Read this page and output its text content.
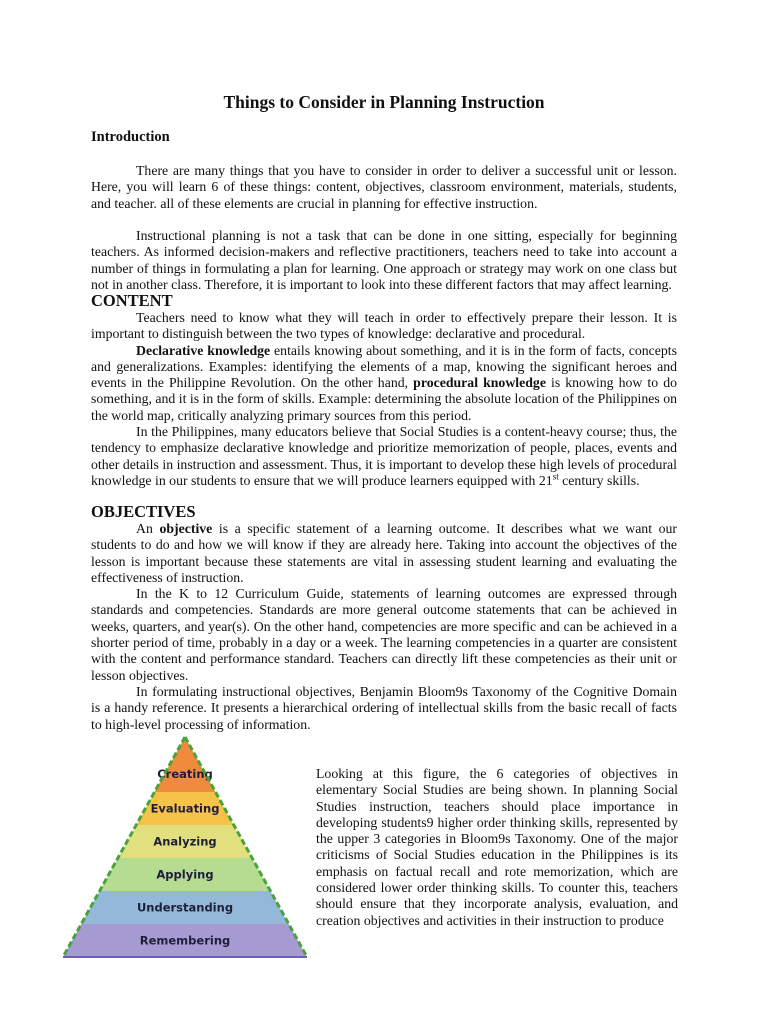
Things to Consider in Planning Instruction
Introduction

There are many things that you have to consider in order to deliver a successful unit or lesson. Here, you will learn 6 of these things: content, objectives, classroom environment, materials, students, and teacher. all of these elements are crucial in planning for effective instruction.

Instructional planning is not a task that can be done in one sitting, especially for beginning teachers. As informed decision-makers and reflective practitioners, teachers need to take into account a number of things in formulating a plan for learning. One approach or strategy may work on one class but not in another class. Therefore, it is important to look into these different factors that may affect learning.

CONTENT

Teachers need to know what they will teach in order to effectively prepare their lesson. It is important to distinguish between the two types of knowledge: declarative and procedural.

Declarative knowledge entails knowing about something, and it is in the form of facts, concepts and generalizations. Examples: identifying the elements of a map, knowing the significant heroes and events in the Philippine Revolution. On the other hand, procedural knowledge is knowing how to do something, and it is in the form of skills. Example: determining the absolute location of the Philippines on the world map, critically analyzing primary sources from this period.

In the Philippines, many educators believe that Social Studies is a content-heavy course; thus, the tendency to emphasize declarative knowledge and prioritize memorization of people, places, events and other details in instruction and assessment. Thus, it is important to develop these high levels of procedural knowledge in our students to ensure that we will produce learners equipped with 21st century skills.

OBJECTIVES

An objective is a specific statement of a learning outcome. It describes what we want our students to do and how we will know if they are already here. Taking into account the objectives of the lesson is important because these statements are vital in assessing student learning and evaluating the effectiveness of instruction.

In the K to 12 Curriculum Guide, statements of learning outcomes are expressed through standards and competencies. Standards are more general outcome statements that can be achieved in weeks, quarters, and year(s). On the other hand, competencies are more specific and can be achieved in a shorter period of time, probably in a day or a week. The learning competencies in a quarter are consistent with the content and performance standard. Teachers can directly lift these competencies as their unit or lesson objectives.

In formulating instructional objectives, Benjamin Bloom9s Taxonomy of the Cognitive Domain is a handy reference. It presents a hierarchical ordering of intellectual skills from the basic recall of facts to high-level processing of information.

Creating
Evaluating
Analyzing
Applying
Understanding
Remembering

Looking at this figure, the 6 categories of objectives in elementary Social Studies are being shown. In planning Social Studies instruction, teachers should place importance in developing students9 higher order thinking skills, represented by the upper 3 categories in Bloom9s Taxonomy. One of the major criticisms of Social Studies education in the Philippines is its emphasis on factual recall and rote memorization, which are considered lower order thinking skills. To counter this, teachers should ensure that they incorporate analysis, evaluation, and creation objectives and activities in their instruction to produce
